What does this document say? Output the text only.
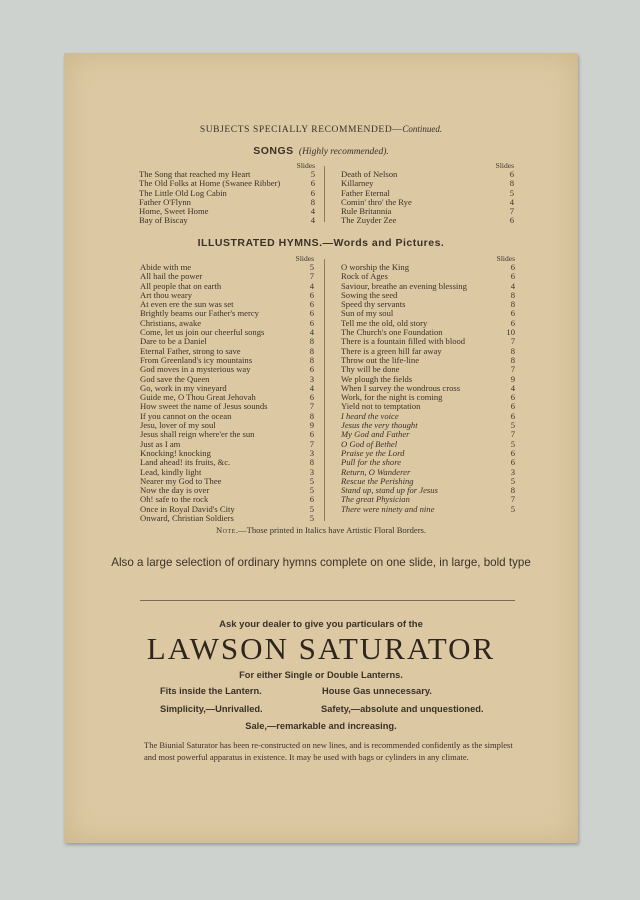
SUBJECTS SPECIALLY RECOMMENDED—Continued.
SONGS (Highly recommended).
Slides
The Song that reached my Heart	5
The Old Folks at Home (Swanee Ribber)	6
The Little Old Log Cabin	6
Father O'Flynn	8
Home, Sweet Home	4
Bay of Biscay	4
Slides
Death of Nelson	6
Killarney	8
Father Eternal	5
Comin' thro' the Rye	4
Rule Britannia	7
The Zuyder Zee	6
ILLUSTRATED HYMNS.—Words and Pictures.
Slides
Abide with me	5
All hail the power	7
All people that on earth	4
Art thou weary	6
At even ere the sun was set	6
Brightly beams our Father's mercy	6
Christians, awake	6
Come, let us join our cheerful songs	4
Dare to be a Daniel	8
Eternal Father, strong to save	8
From Greenland's icy mountains	8
God moves in a mysterious way	6
God save the Queen	3
Go, work in my vineyard	4
Guide me, O Thou Great Jehovah	6
How sweet the name of Jesus sounds	7
If you cannot on the ocean	8
Jesu, lover of my soul	9
Jesus shall reign where'er the sun	6
Just as I am	7
Knocking! knocking	3
Land ahead! its fruits, &c.	8
Lead, kindly light	3
Nearer my God to Thee	5
Now the day is over	5
Oh! safe to the rock	6
Once in Royal David's City	5
Onward, Christian Soldiers	5
Slides
O worship the King	6
Rock of Ages	6
Saviour, breathe an evening blessing	4
Sowing the seed	8
Speed thy servants	8
Sun of my soul	6
Tell me the old, old story	6
The Church's one Foundation	10
There is a fountain filled with blood	7
There is a green hill far away	8
Throw out the life-line	8
Thy will be done	7
We plough the fields	9
When I survey the wondrous cross	4
Work, for the night is coming	6
Yield not to temptation	6
I heard the voice	6
Jesus the very thought	5
My God and Father	7
O God of Bethel	5
Praise ye the Lord	6
Pull for the shore	6
Return, O Wanderer	3
Rescue the Perishing	5
Stand up, stand up for Jesus	8
The great Physician	7
There were ninety and nine	5
Note.—Those printed in Italics have Artistic Floral Borders.
Also a large selection of ordinary hymns complete on one slide, in large, bold type
Ask your dealer to give you particulars of the
LAWSON SATURATOR
For either Single or Double Lanterns.
Fits inside the Lantern.	House Gas unnecessary.
Simplicity,—Unrivalled.	Safety,—absolute and unquestioned.
Sale,—remarkable and increasing.
The Biunial Saturator has been re-constructed on new lines, and is recommended confidently as the simplest and most powerful apparatus in existence. It may be used with bags or cylinders in any climate.
